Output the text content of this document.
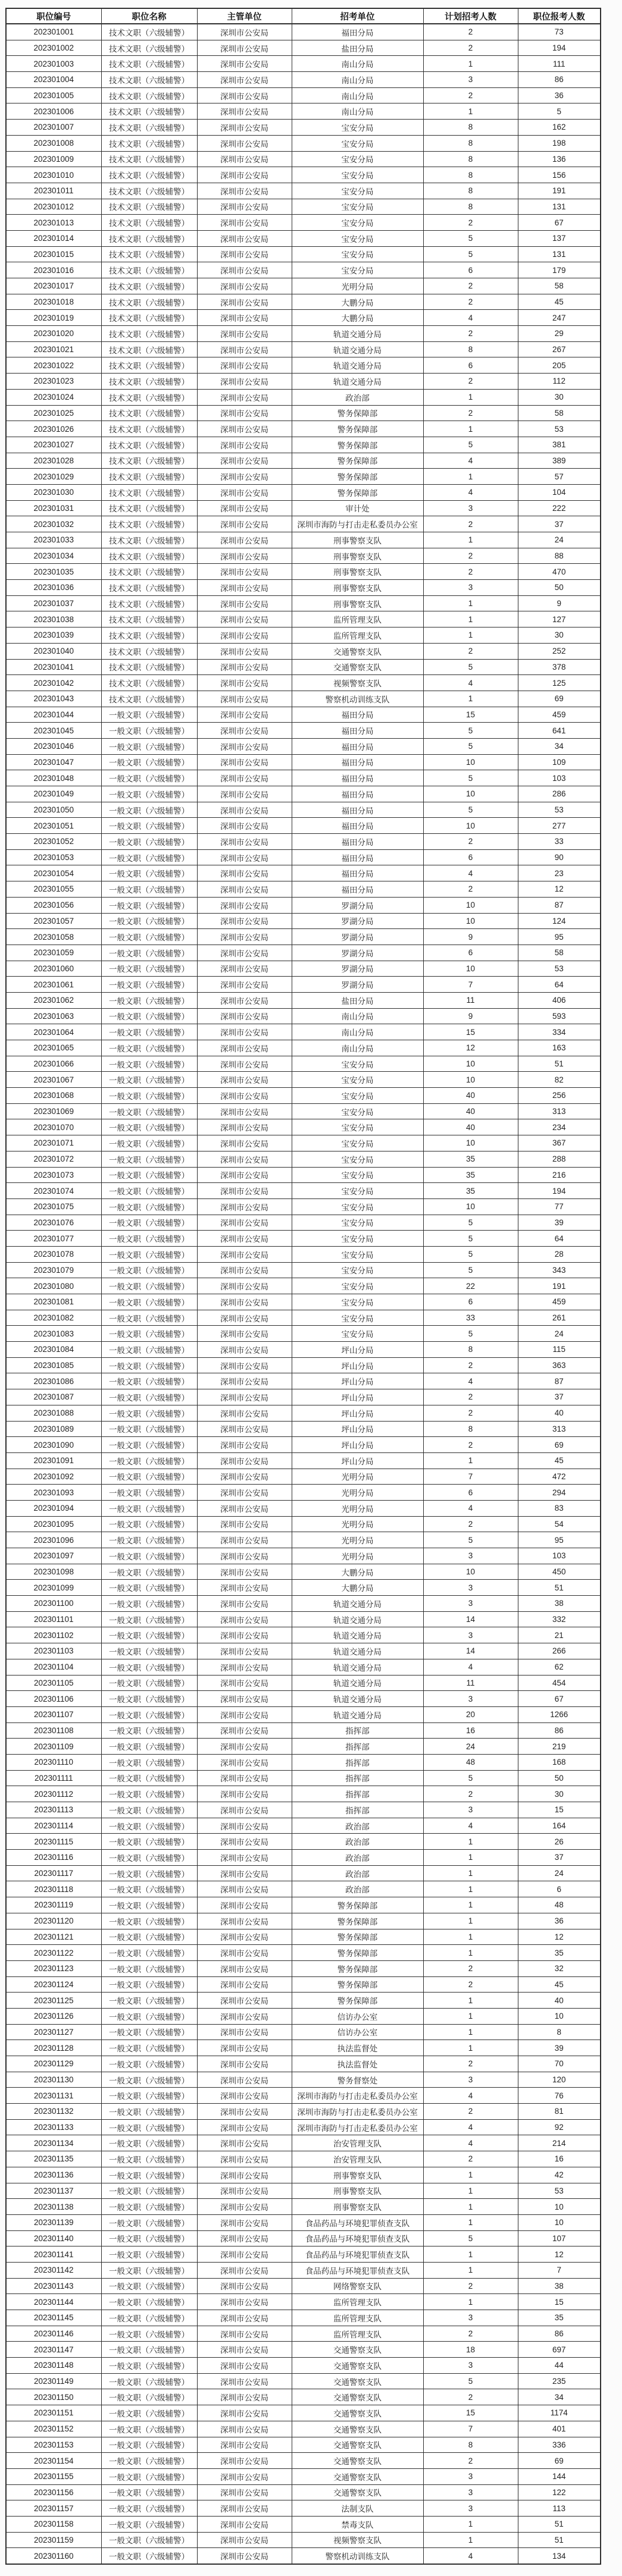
职位编号	职位名称	主管单位	招考单位	计划招考人数	职位报考人数
202301001	技术文职（六级辅警）	深圳市公安局	福田分局	2	73
202301002	技术文职（六级辅警）	深圳市公安局	盐田分局	2	194
202301003	技术文职（六级辅警）	深圳市公安局	南山分局	1	111
202301004	技术文职（六级辅警）	深圳市公安局	南山分局	3	86
202301005	技术文职（六级辅警）	深圳市公安局	南山分局	2	36
202301006	技术文职（六级辅警）	深圳市公安局	南山分局	1	5
202301007	技术文职（六级辅警）	深圳市公安局	宝安分局	8	162
202301008	技术文职（六级辅警）	深圳市公安局	宝安分局	8	198
202301009	技术文职（六级辅警）	深圳市公安局	宝安分局	8	136
202301010	技术文职（六级辅警）	深圳市公安局	宝安分局	8	156
202301011	技术文职（六级辅警）	深圳市公安局	宝安分局	8	191
202301012	技术文职（六级辅警）	深圳市公安局	宝安分局	8	131
202301013	技术文职（六级辅警）	深圳市公安局	宝安分局	2	67
202301014	技术文职（六级辅警）	深圳市公安局	宝安分局	5	137
202301015	技术文职（六级辅警）	深圳市公安局	宝安分局	5	131
202301016	技术文职（六级辅警）	深圳市公安局	宝安分局	6	179
202301017	技术文职（六级辅警）	深圳市公安局	光明分局	2	58
202301018	技术文职（六级辅警）	深圳市公安局	大鹏分局	2	45
202301019	技术文职（六级辅警）	深圳市公安局	大鹏分局	4	247
202301020	技术文职（六级辅警）	深圳市公安局	轨道交通分局	2	29
202301021	技术文职（六级辅警）	深圳市公安局	轨道交通分局	8	267
202301022	技术文职（六级辅警）	深圳市公安局	轨道交通分局	6	205
202301023	技术文职（六级辅警）	深圳市公安局	轨道交通分局	2	112
202301024	技术文职（六级辅警）	深圳市公安局	政治部	1	30
202301025	技术文职（六级辅警）	深圳市公安局	警务保障部	2	58
202301026	技术文职（六级辅警）	深圳市公安局	警务保障部	1	53
202301027	技术文职（六级辅警）	深圳市公安局	警务保障部	5	381
202301028	技术文职（六级辅警）	深圳市公安局	警务保障部	4	389
202301029	技术文职（六级辅警）	深圳市公安局	警务保障部	1	57
202301030	技术文职（六级辅警）	深圳市公安局	警务保障部	4	104
202301031	技术文职（六级辅警）	深圳市公安局	审计处	3	222
202301032	技术文职（六级辅警）	深圳市公安局	深圳市海防与打击走私委员办公室	2	37
202301033	技术文职（六级辅警）	深圳市公安局	刑事警察支队	1	24
202301034	技术文职（六级辅警）	深圳市公安局	刑事警察支队	2	88
202301035	技术文职（六级辅警）	深圳市公安局	刑事警察支队	2	470
202301036	技术文职（六级辅警）	深圳市公安局	刑事警察支队	3	50
202301037	技术文职（六级辅警）	深圳市公安局	刑事警察支队	1	9
202301038	技术文职（六级辅警）	深圳市公安局	监所管理支队	1	127
202301039	技术文职（六级辅警）	深圳市公安局	监所管理支队	1	30
202301040	技术文职（六级辅警）	深圳市公安局	交通警察支队	2	252
202301041	技术文职（六级辅警）	深圳市公安局	交通警察支队	5	378
202301042	技术文职（六级辅警）	深圳市公安局	视频警察支队	4	125
202301043	技术文职（六级辅警）	深圳市公安局	警察机动训练支队	1	69
202301044	一般文职（六级辅警）	深圳市公安局	福田分局	15	459
202301045	一般文职（六级辅警）	深圳市公安局	福田分局	5	641
202301046	一般文职（六级辅警）	深圳市公安局	福田分局	5	34
202301047	一般文职（六级辅警）	深圳市公安局	福田分局	10	109
202301048	一般文职（六级辅警）	深圳市公安局	福田分局	5	103
202301049	一般文职（六级辅警）	深圳市公安局	福田分局	10	286
202301050	一般文职（六级辅警）	深圳市公安局	福田分局	5	53
202301051	一般文职（六级辅警）	深圳市公安局	福田分局	10	277
202301052	一般文职（六级辅警）	深圳市公安局	福田分局	2	33
202301053	一般文职（六级辅警）	深圳市公安局	福田分局	6	90
202301054	一般文职（六级辅警）	深圳市公安局	福田分局	4	23
202301055	一般文职（六级辅警）	深圳市公安局	福田分局	2	12
202301056	一般文职（六级辅警）	深圳市公安局	罗湖分局	10	87
202301057	一般文职（六级辅警）	深圳市公安局	罗湖分局	10	124
202301058	一般文职（六级辅警）	深圳市公安局	罗湖分局	9	95
202301059	一般文职（六级辅警）	深圳市公安局	罗湖分局	6	58
202301060	一般文职（六级辅警）	深圳市公安局	罗湖分局	10	53
202301061	一般文职（六级辅警）	深圳市公安局	罗湖分局	7	64
202301062	一般文职（六级辅警）	深圳市公安局	盐田分局	11	406
202301063	一般文职（六级辅警）	深圳市公安局	南山分局	9	593
202301064	一般文职（六级辅警）	深圳市公安局	南山分局	15	334
202301065	一般文职（六级辅警）	深圳市公安局	南山分局	12	163
202301066	一般文职（六级辅警）	深圳市公安局	宝安分局	10	51
202301067	一般文职（六级辅警）	深圳市公安局	宝安分局	10	82
202301068	一般文职（六级辅警）	深圳市公安局	宝安分局	40	256
202301069	一般文职（六级辅警）	深圳市公安局	宝安分局	40	313
202301070	一般文职（六级辅警）	深圳市公安局	宝安分局	40	234
202301071	一般文职（六级辅警）	深圳市公安局	宝安分局	10	367
202301072	一般文职（六级辅警）	深圳市公安局	宝安分局	35	288
202301073	一般文职（六级辅警）	深圳市公安局	宝安分局	35	216
202301074	一般文职（六级辅警）	深圳市公安局	宝安分局	35	194
202301075	一般文职（六级辅警）	深圳市公安局	宝安分局	10	77
202301076	一般文职（六级辅警）	深圳市公安局	宝安分局	5	39
202301077	一般文职（六级辅警）	深圳市公安局	宝安分局	5	64
202301078	一般文职（六级辅警）	深圳市公安局	宝安分局	5	28
202301079	一般文职（六级辅警）	深圳市公安局	宝安分局	5	343
202301080	一般文职（六级辅警）	深圳市公安局	宝安分局	22	191
202301081	一般文职（六级辅警）	深圳市公安局	宝安分局	6	459
202301082	一般文职（六级辅警）	深圳市公安局	宝安分局	33	261
202301083	一般文职（六级辅警）	深圳市公安局	宝安分局	5	24
202301084	一般文职（六级辅警）	深圳市公安局	坪山分局	8	115
202301085	一般文职（六级辅警）	深圳市公安局	坪山分局	2	363
202301086	一般文职（六级辅警）	深圳市公安局	坪山分局	4	87
202301087	一般文职（六级辅警）	深圳市公安局	坪山分局	2	37
202301088	一般文职（六级辅警）	深圳市公安局	坪山分局	2	40
202301089	一般文职（六级辅警）	深圳市公安局	坪山分局	8	313
202301090	一般文职（六级辅警）	深圳市公安局	坪山分局	2	69
202301091	一般文职（六级辅警）	深圳市公安局	坪山分局	1	45
202301092	一般文职（六级辅警）	深圳市公安局	光明分局	7	472
202301093	一般文职（六级辅警）	深圳市公安局	光明分局	6	294
202301094	一般文职（六级辅警）	深圳市公安局	光明分局	4	83
202301095	一般文职（六级辅警）	深圳市公安局	光明分局	2	54
202301096	一般文职（六级辅警）	深圳市公安局	光明分局	5	95
202301097	一般文职（六级辅警）	深圳市公安局	光明分局	3	103
202301098	一般文职（六级辅警）	深圳市公安局	大鹏分局	10	450
202301099	一般文职（六级辅警）	深圳市公安局	大鹏分局	3	51
202301100	一般文职（六级辅警）	深圳市公安局	轨道交通分局	3	38
202301101	一般文职（六级辅警）	深圳市公安局	轨道交通分局	14	332
202301102	一般文职（六级辅警）	深圳市公安局	轨道交通分局	3	21
202301103	一般文职（六级辅警）	深圳市公安局	轨道交通分局	14	266
202301104	一般文职（六级辅警）	深圳市公安局	轨道交通分局	4	62
202301105	一般文职（六级辅警）	深圳市公安局	轨道交通分局	11	454
202301106	一般文职（六级辅警）	深圳市公安局	轨道交通分局	3	67
202301107	一般文职（六级辅警）	深圳市公安局	轨道交通分局	20	1266
202301108	一般文职（六级辅警）	深圳市公安局	指挥部	16	86
202301109	一般文职（六级辅警）	深圳市公安局	指挥部	24	219
202301110	一般文职（六级辅警）	深圳市公安局	指挥部	48	168
202301111	一般文职（六级辅警）	深圳市公安局	指挥部	5	50
202301112	一般文职（六级辅警）	深圳市公安局	指挥部	2	30
202301113	一般文职（六级辅警）	深圳市公安局	指挥部	3	15
202301114	一般文职（六级辅警）	深圳市公安局	政治部	4	164
202301115	一般文职（六级辅警）	深圳市公安局	政治部	1	26
202301116	一般文职（六级辅警）	深圳市公安局	政治部	1	37
202301117	一般文职（六级辅警）	深圳市公安局	政治部	1	24
202301118	一般文职（六级辅警）	深圳市公安局	政治部	1	6
202301119	一般文职（六级辅警）	深圳市公安局	警务保障部	1	48
202301120	一般文职（六级辅警）	深圳市公安局	警务保障部	1	36
202301121	一般文职（六级辅警）	深圳市公安局	警务保障部	1	12
202301122	一般文职（六级辅警）	深圳市公安局	警务保障部	1	35
202301123	一般文职（六级辅警）	深圳市公安局	警务保障部	2	32
202301124	一般文职（六级辅警）	深圳市公安局	警务保障部	2	45
202301125	一般文职（六级辅警）	深圳市公安局	警务保障部	1	40
202301126	一般文职（六级辅警）	深圳市公安局	信访办公室	1	10
202301127	一般文职（六级辅警）	深圳市公安局	信访办公室	1	8
202301128	一般文职（六级辅警）	深圳市公安局	执法监督处	1	39
202301129	一般文职（六级辅警）	深圳市公安局	执法监督处	2	70
202301130	一般文职（六级辅警）	深圳市公安局	警务督察处	3	120
202301131	一般文职（六级辅警）	深圳市公安局	深圳市海防与打击走私委员办公室	4	76
202301132	一般文职（六级辅警）	深圳市公安局	深圳市海防与打击走私委员办公室	2	81
202301133	一般文职（六级辅警）	深圳市公安局	深圳市海防与打击走私委员办公室	4	92
202301134	一般文职（六级辅警）	深圳市公安局	治安管理支队	4	214
202301135	一般文职（六级辅警）	深圳市公安局	治安管理支队	2	16
202301136	一般文职（六级辅警）	深圳市公安局	刑事警察支队	1	42
202301137	一般文职（六级辅警）	深圳市公安局	刑事警察支队	1	53
202301138	一般文职（六级辅警）	深圳市公安局	刑事警察支队	1	10
202301139	一般文职（六级辅警）	深圳市公安局	食品药品与环境犯罪侦查支队	1	10
202301140	一般文职（六级辅警）	深圳市公安局	食品药品与环境犯罪侦查支队	5	107
202301141	一般文职（六级辅警）	深圳市公安局	食品药品与环境犯罪侦查支队	1	12
202301142	一般文职（六级辅警）	深圳市公安局	食品药品与环境犯罪侦查支队	1	7
202301143	一般文职（六级辅警）	深圳市公安局	网络警察支队	2	38
202301144	一般文职（六级辅警）	深圳市公安局	监所管理支队	1	15
202301145	一般文职（六级辅警）	深圳市公安局	监所管理支队	3	35
202301146	一般文职（六级辅警）	深圳市公安局	监所管理支队	2	86
202301147	一般文职（六级辅警）	深圳市公安局	交通警察支队	18	697
202301148	一般文职（六级辅警）	深圳市公安局	交通警察支队	3	44
202301149	一般文职（六级辅警）	深圳市公安局	交通警察支队	5	235
202301150	一般文职（六级辅警）	深圳市公安局	交通警察支队	2	34
202301151	一般文职（六级辅警）	深圳市公安局	交通警察支队	15	1174
202301152	一般文职（六级辅警）	深圳市公安局	交通警察支队	7	401
202301153	一般文职（六级辅警）	深圳市公安局	交通警察支队	8	336
202301154	一般文职（六级辅警）	深圳市公安局	交通警察支队	2	69
202301155	一般文职（六级辅警）	深圳市公安局	交通警察支队	3	144
202301156	一般文职（六级辅警）	深圳市公安局	交通警察支队	3	122
202301157	一般文职（六级辅警）	深圳市公安局	法制支队	3	113
202301158	一般文职（六级辅警）	深圳市公安局	禁毒支队	1	51
202301159	一般文职（六级辅警）	深圳市公安局	视频警察支队	1	51
202301160	一般文职（六级辅警）	深圳市公安局	警察机动训练支队	4	134
